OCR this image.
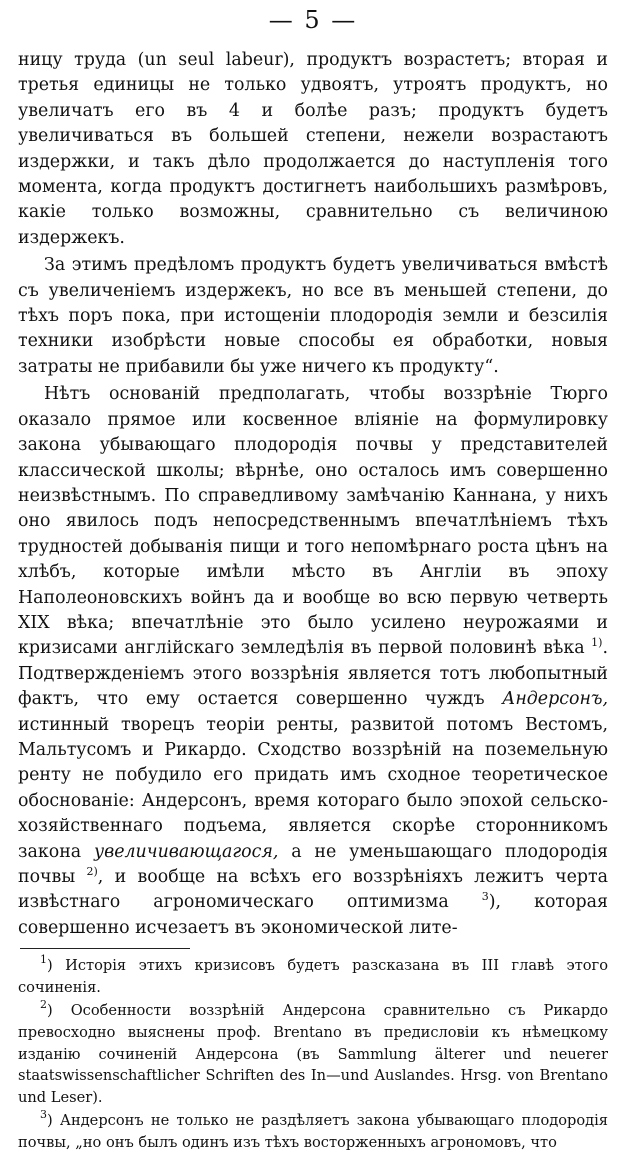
— 5 —

ницу труда (un seul labeur), продуктъ возрастетъ; вторая и третья единицы не только удвоятъ, утроятъ продуктъ, но увеличатъ его въ 4 и болѣе разъ; продуктъ будетъ увеличиваться въ большей степени, нежели возрастаютъ издержки, и такъ дѣло продолжается до наступленія того момента, когда продуктъ достигнетъ наибольшихъ размѣровъ, какіе только возможны, сравнительно съ величиною издержекъ.

За этимъ предѣломъ продуктъ будетъ увеличиваться вмѣстѣ съ увеличеніемъ издержекъ, но все въ меньшей степени, до тѣхъ поръ пока, при истощеніи плодородія земли и безсилія техники изобрѣсти новые способы ея обработки, новыя затраты не прибавили бы уже ничего къ продукту“.

Нѣтъ основаній предполагать, чтобы воззрѣніе Тюрго оказало прямое или косвенное вліяніе на формулировку закона убывающаго плодородія почвы у представителей классической школы; вѣрнѣе, оно осталось имъ совершенно неизвѣстнымъ. По справедливому замѣчанію Каннана, у нихъ оно явилось подъ непосредственнымъ впечатлѣніемъ тѣхъ трудностей добыванія пищи и того непомѣрнаго роста цѣнъ на хлѣбъ, которые имѣли мѣсто въ Англіи въ эпоху Наполеоновскихъ войнъ да и вообще во всю первую четверть XIX вѣка; впечатлѣніе это было усилено неурожаями и кризисами англійскаго земледѣлія въ первой половинѣ вѣка $^{1)}$. Подтвержденіемъ этого воззрѣнія является тотъ любопытный фактъ, что ему остается совершенно чуждъ Андерсонъ, истинный творецъ теоріи ренты, развитой потомъ Вестомъ, Мальтусомъ и Рикардо. Сходство воззрѣній на поземельную ренту не побудило его придать имъ сходное теоретическое обоснованіе: Андерсонъ, время котораго было эпохой сельско-хозяйственнаго подъема, является скорѣе сторонникомъ закона увеличивающагося, а не уменьшающаго плодородія почвы $^{2)}$, и вообще на всѣхъ его воззрѣніяхъ лежитъ черта извѣстнаго агрономическаго оптимизма	$^3$), которая совершенно исчезаетъ въ экономической лите-

$^1$) Исторія этихъ кризисовъ будетъ разсказана въ III главѣ этого сочиненія.

$^2$) Особенности воззрѣній Андерсона сравнительно съ Рикардо превосходно выяснены проф. Brentano въ предисловіи къ нѣмецкому изданію сочиненій Андерсона (въ Sammlung älterer und neuerer staatswissenschaftlicher Schriften des In—und Auslandes. Hrsg. von Brentano und Leser).

$^3$) Андерсонъ не только не раздѣляетъ закона убывающаго плодородія почвы, „но онъ былъ одинъ изъ тѣхъ восторженныхъ агрономовъ, что
